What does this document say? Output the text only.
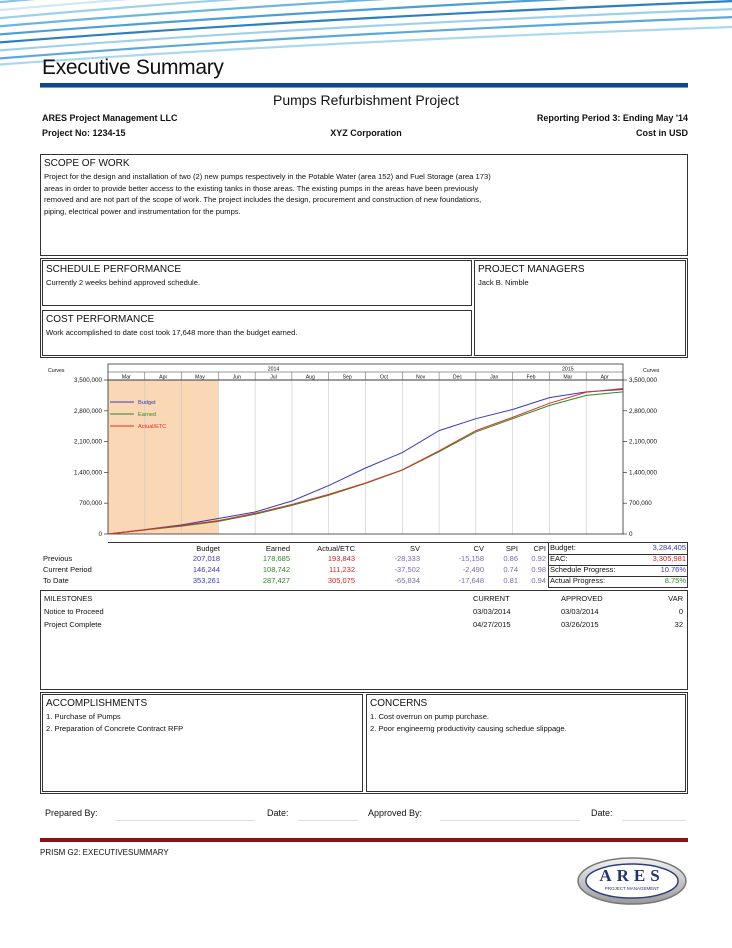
Executive Summary
Pumps Refurbishment Project
ARES Project Management LLC	Reporting Period 3: Ending May '14
Project No: 1234-15	XYZ Corporation	Cost in USD
SCOPE OF WORK
Project for the design and installation of two (2) new pumps respectively in the Potable Water (area 152) and Fuel Storage (area 173)
areas in order to provide better access to the existing tanks in those areas. The existing pumps in the areas have been previously
removed and are not part of the scope of work. The project includes the design, procurement and construction of new foundations,
piping, electrical power and instrumentation for the pumps.
SCHEDULE PERFORMANCE
Currently 2 weeks behind approved schedule.
PROJECT MANAGERS
Jack B. Nimble
COST PERFORMANCE
Work accomplished to date cost took 17,648 more than the budget earned.
Mar	Apr	May	Jun	Jul	Aug	Sep	Oct	Nov	Dec	Jan	Feb	Mar	Apr
2014	2015
0	0
700,000	700,000
1,400,000	1,400,000
2,100,000	2,100,000
2,800,000	2,800,000
3,500,000	3,500,000
Curves	Curves
Budget
Earned
Actual/ETC
Budget	Earned	Actual/ETC	SV	CV	SPI CPI
Previous	207,018	178,685	193,843	-28,333	-15,158	0.86 0.92
Current Period	146,244	108,742	111,232	-37,502	-2,490	0.74 0.98
To Date	353,261	287,427	305,075	-65,834	-17,648	0.81 0.94
Budget:	3,284,405
EAC:	3,305,981
Schedule Progress:	10.76%
Actual Progress:	8.75%
MILESTONES	CURRENT	APPROVED	VAR
Notice to Proceed	03/03/2014	03/03/2014	0
Project Complete	04/27/2015	03/26/2015	32
ACCOMPLISHMENTS
1. Purchase of Pumps
2. Preparation of Concrete Contract RFP
CONCERNS
1. Cost overrun on pump purchase.
2. Poor engineerng productivity causing schedue slippage.
Prepared By:	Date:	Approved By:	Date:
PRISM G2: EXECUTIVESUMMARY
ARES
PROJECT MANAGEMENT
